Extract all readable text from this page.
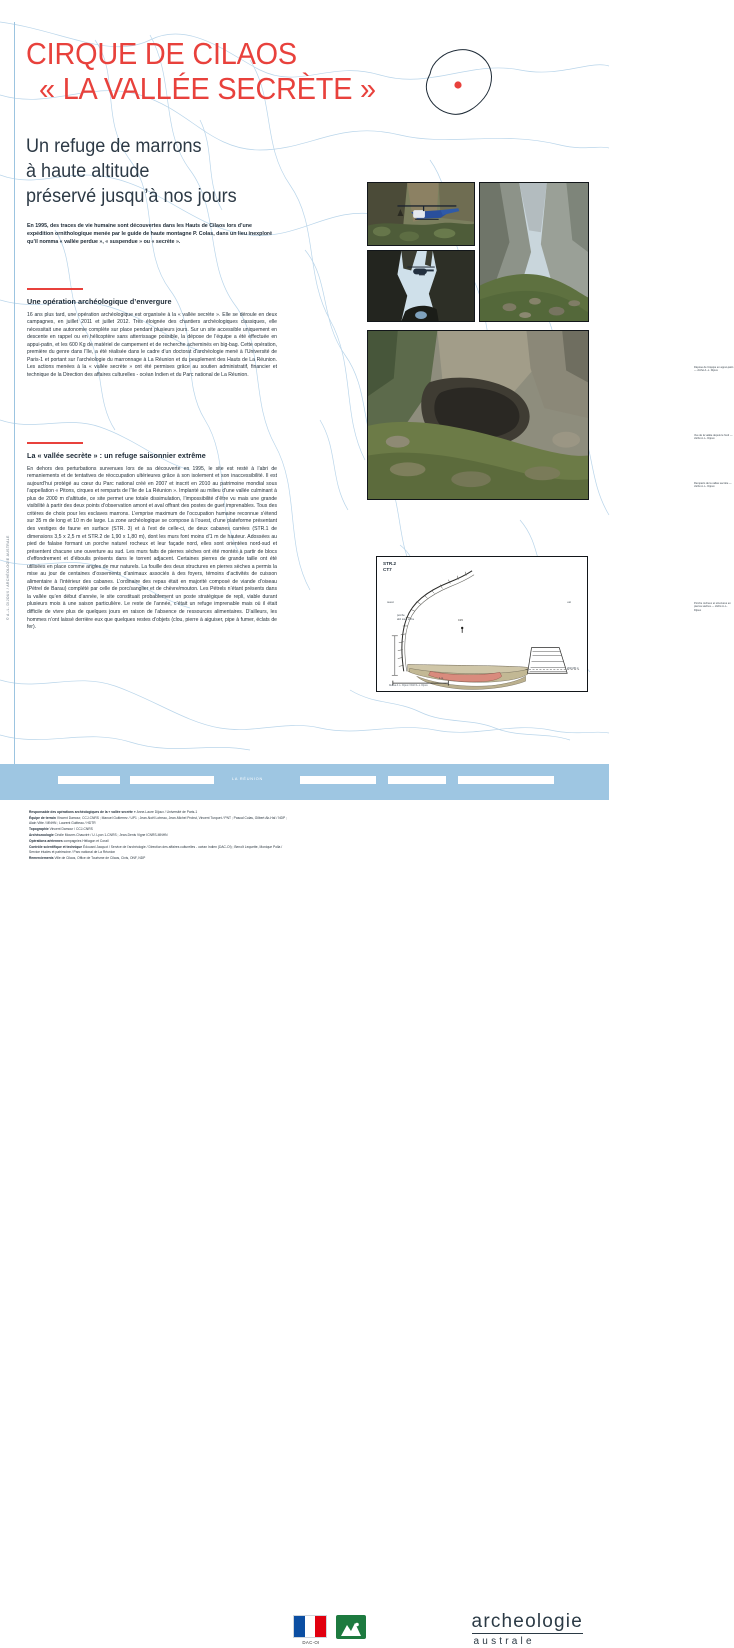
© A.-L. DIJOUX / ARCHÉOLOGIE AUSTRALE
CIRQUE DE CILAOS
« LA VALLÉE SECRÈTE »
Un refuge de marrons
à haute altitude
préservé jusqu’à nos jours
En 1995, des traces de vie humaine sont découvertes dans les Hauts de Cilaos lors d’une expédition ornithologique menée par le guide de haute montagne P. Colas, dans un lieu inexploré qu’il nomma « vallée perdue », « suspendue » ou « secrète ».
Une opération archéologique d’envergure
16 ans plus tard, une opération archéologique est organisée à la « vallée secrète ». Elle se déroule en deux campagnes, en juillet 2011 et juillet 2012. Très éloignée des chantiers archéologiques classiques, elle nécessitait une autonomie complète sur place pendant plusieurs jours. Sur un site accessible uniquement en descente en rappel ou en hélicoptère sans atterrissage possible, la dépose de l’équipe a été effectuée en appui-patin, et les 600 Kg de matériel de campement et de recherche acheminés en big-bag. Cette opération, première du genre dans l’île, a été réalisée dans le cadre d’un doctorat d’archéologie mené à l’Université de Paris-1 et portant sur l’archéologie du marronnage à La Réunion et du peuplement des Hauts de La Réunion. Les actions menées à la « vallée secrète » ont été permises grâce au soutien administratif, financier et technique de la Direction des affaires culturelles - océan Indien et du Parc national de La Réunion.
La « vallée secrète » : un refuge saisonnier extrême
En dehors des perturbations survenues lors de sa découverte en 1995, le site est resté à l’abri de remaniements et de tentatives de réoccupation ultérieures grâce à son isolement et son inaccessibilité. Il est aujourd’hui protégé au cœur du Parc national créé en 2007 et inscrit en 2010 au patrimoine mondial sous l’appellation « Pitons, cirques et remparts de l’île de La Réunion ». Implanté au milieu d’une vallée culminant à plus de 2000 m d’altitude, ce site permet une totale dissimulation, l’impossibilité d’être vu mais une grande visibilité à partir des deux points d’observation amont et aval offrant des postes de guet imprenables. Tous des critères de choix pour les esclaves marrons. L’emprise maximum de l’occupation humaine reconnue s’étend sur 35 m de long et 10 m de large. La zone archéologique se compose à l’ouest, d’une plateforme présentant des vestiges de faune en surface (STR. 3) et à l’est de celle-ci, de deux cabanes carrées (STR.1 de dimensions 3,5 x 2,5 m et STR.2 de 1,90 x 1,80 m), dont les murs font moins d’1 m de hauteur. Adossées au pied de falaise formant un porche naturel rocheux et leur façade nord, elles sont orientées nord-sud et présentent chacune une ouverture au sud. Les murs faits de pierres sèches ont été montés à partir de blocs d’effondrement et d’éboulis présents dans le torrent adjacent. Certaines pierres de grande taille ont été utilisées en place comme angles de mur naturels. La fouille des deux structures en pierres sèches a permis la mise au jour de centaines d’ossements d’animaux associés à des foyers, témoins d’activités de cuisson alimentaire à l’intérieur des cabanes. L’ordinaire des repas était en majorité composé de viande d’oiseau (Pétrel de Barau) complété par celle de porc/sanglier et de chèvre/mouton. Les Pétrels n’étant présents dans la vallée qu’en début d’année, le site constituait probablement un poste stratégique de repli, viable durant plusieurs mois à une saison particulière. Le reste de l’année, c’était un refuge imprenable mais où il était difficile de vivre plus de quelques jours en raison de l’absence de ressources alimentaires. D’ailleurs, les hommes n’ont laissé derrière eux que quelques restes d’objets (clou, pierre à aiguiser, pipe à fumer, éclats de fer).
Dépose de l’équipe en appui-patin — cliché A.-L. Dijoux
Vue de la vallée depuis le fond — cliché A.-L. Dijoux
Remparts de la vallée secrète — cliché A.-L. Dijoux
Porche rocheux et structures en pierres sèches — cliché A.-L. Dijoux
STR.2
CT7
ouest	est
porche
abri sous roche	C15
2013,80 m
1 m
Relevé A.-L. Dijoux / DAO A.-L. Dijoux
LA RÉUNION
Responsable des opérations archéologiques de la « vallée secrète » Anne-Laure Dijoux / Université de Paris-1
Équipe de terrain Vincent Damour, CCJ-CNRS ; Manuel Guitierrez / UP1 ; Jean-Noël Lotreau, Jean-Michel Probst, Vincent Turquet / PNT ; Pascal Colas, Gilbert Ab-Haï / NDP ; Alain Vitte / MNHN ; Laurent Guitteau / HDTR
Topographie Vincent Damour / CCJ-CNRS
Archéozoologie Cécile Mourer-Chauviré / U. Lyon 1-CNRS ; Jean-Denis Vigne ICNRS-MNHN
Opérations aériennes compagnies Héliagon et Corail
Contrôle scientifique et technique Édouard Jacquot / Service de l’archéologie / Direction des affaires culturelles - océan Indien (DAC-OI) ; Benoît Lequette, Monique Polla / Service études et patrimoine / Parc national de La Réunion
Remerciements Ville de Cilaos, Office de Tourisme de Cilaos, Civis, ONF, NDP
DAC-OI
archeologie
australe
